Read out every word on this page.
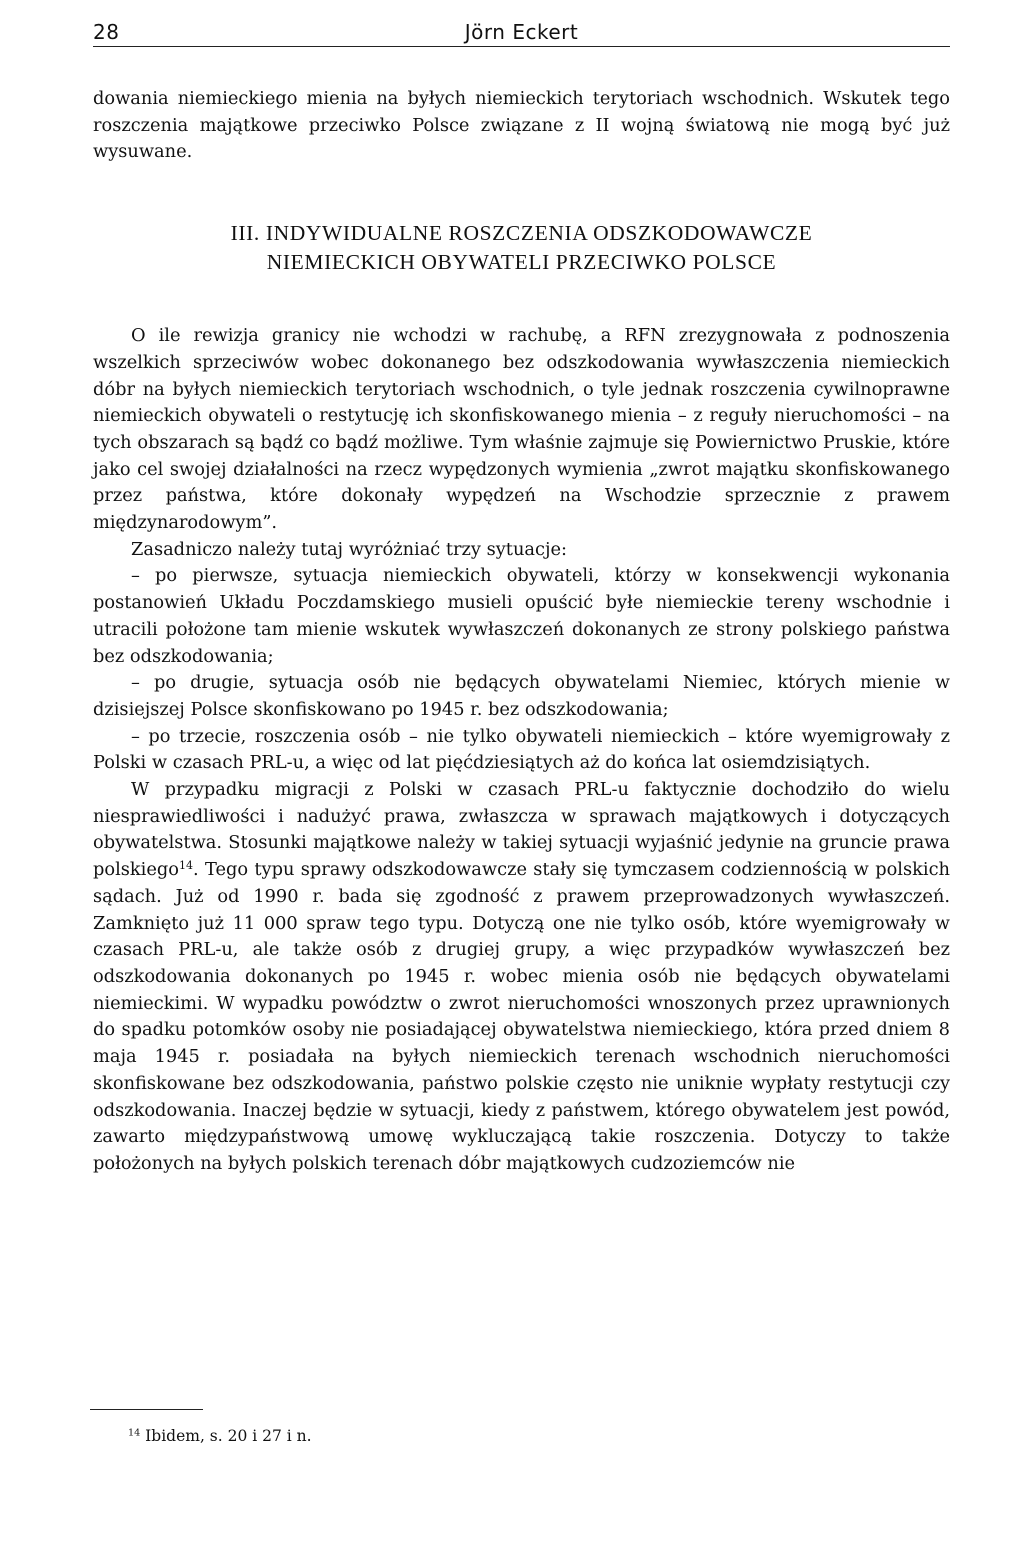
28	Jörn Eckert

dowania niemieckiego mienia na byłych niemieckich terytoriach wschodnich. Wskutek tego roszczenia majątkowe przeciwko Polsce związane z II wojną światową nie mogą być już wysuwane.

III. INDYWIDUALNE ROSZCZENIA ODSZKODOWAWCZE
NIEMIECKICH OBYWATELI PRZECIWKO POLSCE

O ile rewizja granicy nie wchodzi w rachubę, a RFN zrezygnowała z podnoszenia wszelkich sprzeciwów wobec dokonanego bez odszkodowania wywłaszczenia niemieckich dóbr na byłych niemieckich terytoriach wschodnich, o tyle jednak roszczenia cywilnoprawne niemieckich obywateli o restytucję ich skonfiskowanego mienia – z reguły nieruchomości – na tych obszarach są bądź co bądź możliwe. Tym właśnie zajmuje się Powiernictwo Pruskie, które jako cel swojej działalności na rzecz wypędzonych wymienia „zwrot majątku skonfiskowanego przez państwa, które dokonały wypędzeń na Wschodzie sprzecznie z prawem międzynarodowym”.

Zasadniczo należy tutaj wyróżniać trzy sytuacje:

– po pierwsze, sytuacja niemieckich obywateli, którzy w konsekwencji wykonania postanowień Układu Poczdamskiego musieli opuścić byłe niemieckie tereny wschodnie i utracili położone tam mienie wskutek wywłaszczeń dokonanych ze strony polskiego państwa bez odszkodowania;

– po drugie, sytuacja osób nie będących obywatelami Niemiec, których mienie w dzisiejszej Polsce skonfiskowano po 1945 r. bez odszkodowania;

– po trzecie, roszczenia osób – nie tylko obywateli niemieckich – które wyemigrowały z Polski w czasach PRL-u, a więc od lat pięćdziesiątych aż do końca lat osiemdzisiątych.

W przypadku migracji z Polski w czasach PRL-u faktycznie dochodziło do wielu niesprawiedliwości i nadużyć prawa, zwłaszcza w sprawach majątkowych i dotyczących obywatelstwa. Stosunki majątkowe należy w takiej sytuacji wyjaśnić jedynie na gruncie prawa polskiego$^{14}$. Tego typu sprawy odszkodowawcze stały się tymczasem codziennością w polskich sądach. Już od 1990 r. bada się zgodność z prawem przeprowadzonych wywłaszczeń. Zamknięto już 11 000 spraw tego typu. Dotyczą one nie tylko osób, które wyemigrowały w czasach PRL-u, ale także osób z drugiej grupy, a więc przypadków wywłaszczeń bez odszkodowania dokonanych po 1945 r. wobec mienia osób nie będących obywatelami niemieckimi. W wypadku powództw o zwrot nieruchomości wnoszonych przez uprawnionych do spadku potomków osoby nie posiadającej obywatelstwa niemieckiego, która przed dniem 8 maja 1945 r. posiadała na byłych niemieckich terenach wschodnich nieruchomości skonfiskowane bez odszkodowania, państwo polskie często nie uniknie wypłaty restytucji czy odszkodowania. Inaczej będzie w sytuacji, kiedy z państwem, którego obywatelem jest powód, zawarto międzypaństwową umowę wykluczającą takie roszczenia. Dotyczy to także położonych na byłych polskich terenach dóbr majątkowych cudzoziemców nie

$^{14}$ Ibidem, s. 20 i 27 i n.
